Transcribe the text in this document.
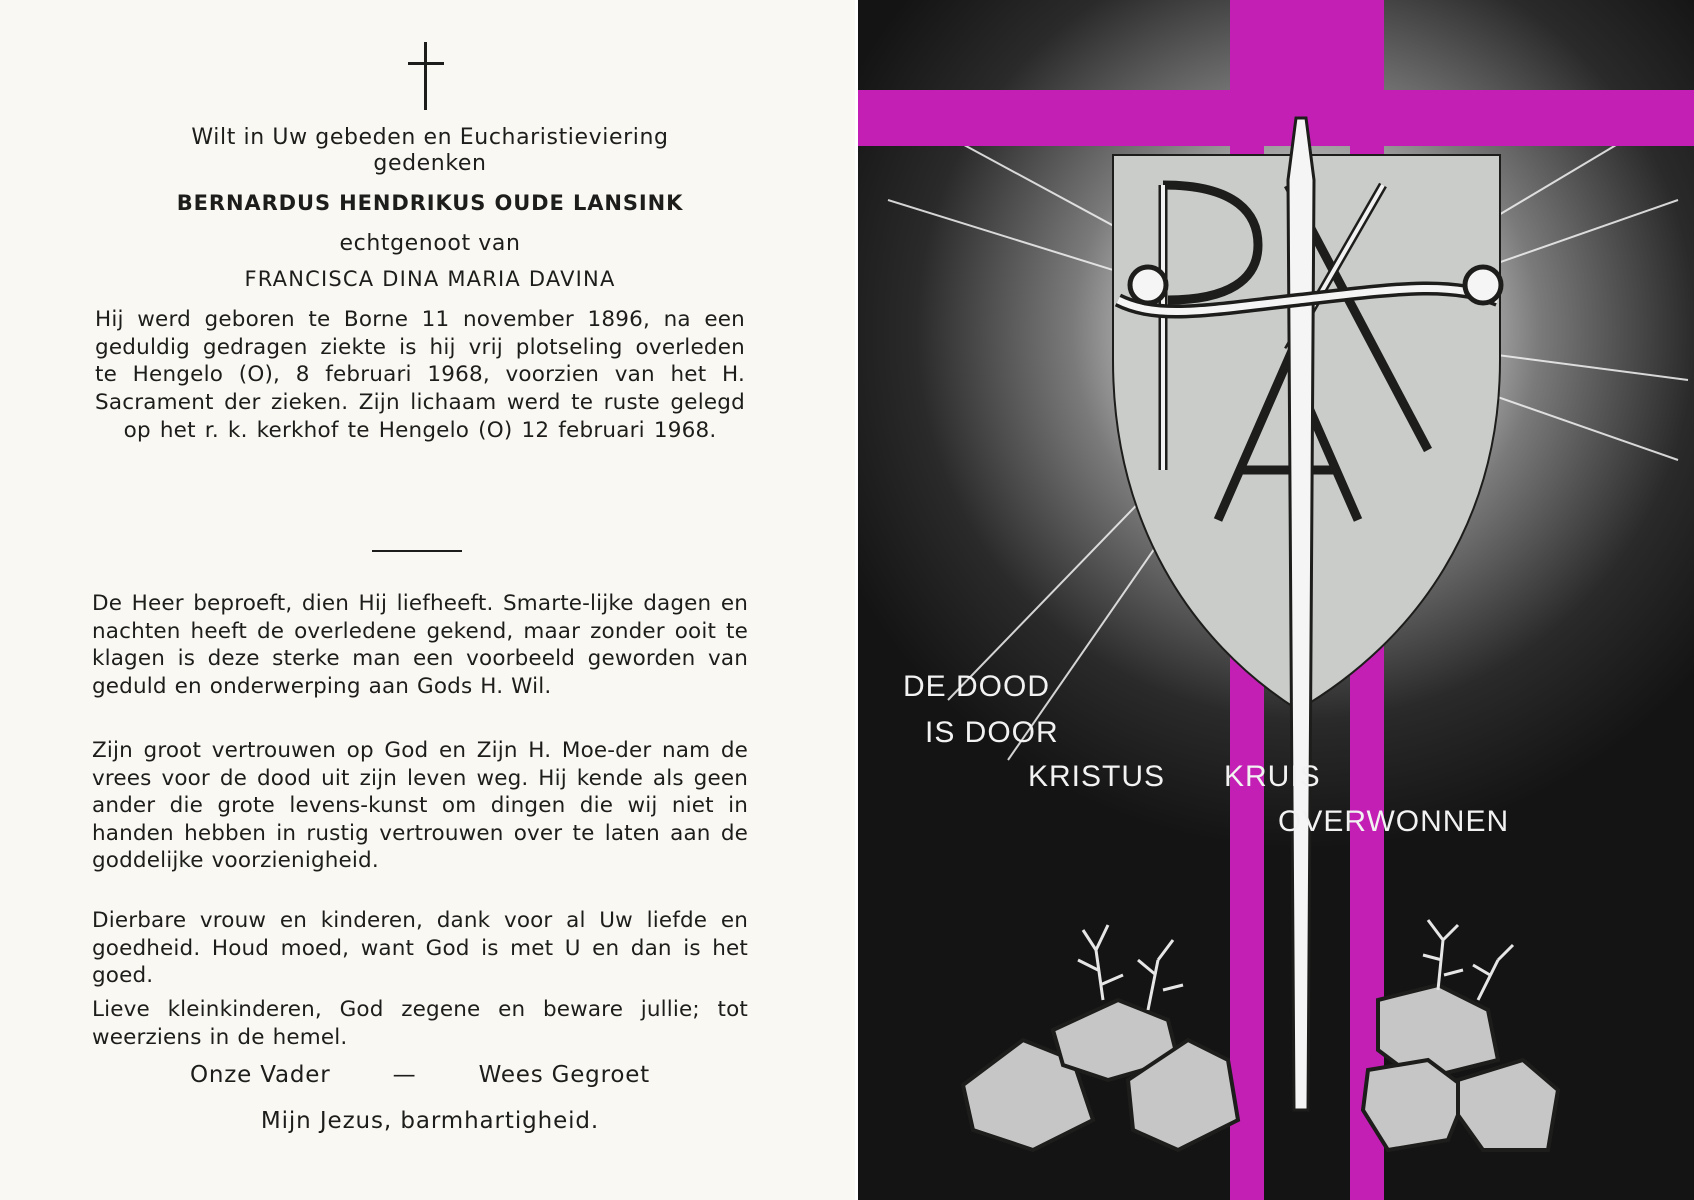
Wilt in Uw gebeden en Eucharistieviering

gedenken

BERNARDUS HENDRIKUS OUDE LANSINK

echtgenoot van

FRANCISCA DINA MARIA DAVINA

Hij werd geboren te Borne 11 november 1896, na een geduldig gedragen ziekte is hij vrij plotseling overleden te Hengelo (O), 8 februari 1968, voorzien van het H. Sacrament der zieken. Zijn lichaam werd te ruste gelegd op het r. k. kerkhof te Hengelo (O) 12 februari 1968.

De Heer beproeft, dien Hij liefheeft. Smarte-lijke dagen en nachten heeft de overledene gekend, maar zonder ooit te klagen is deze sterke man een voorbeeld geworden van geduld en onderwerping aan Gods H. Wil.

Zijn groot vertrouwen op God en Zijn H. Moe-der nam de vrees voor de dood uit zijn leven weg. Hij kende als geen ander die grote levens-kunst om dingen die wij niet in handen hebben in rustig vertrouwen over te laten aan de goddelijke voorzienigheid.

Dierbare vrouw en kinderen, dank voor al Uw liefde en goedheid. Houd moed, want God is met U en dan is het goed.

Lieve kleinkinderen, God zegene en beware jullie; tot weerziens in de hemel.

Onze Vader	—	Wees Gegroet

Mijn Jezus, barmhartigheid.

DE DOOD

IS DOOR

KRISTUS KRUIS

OVERWONNEN
